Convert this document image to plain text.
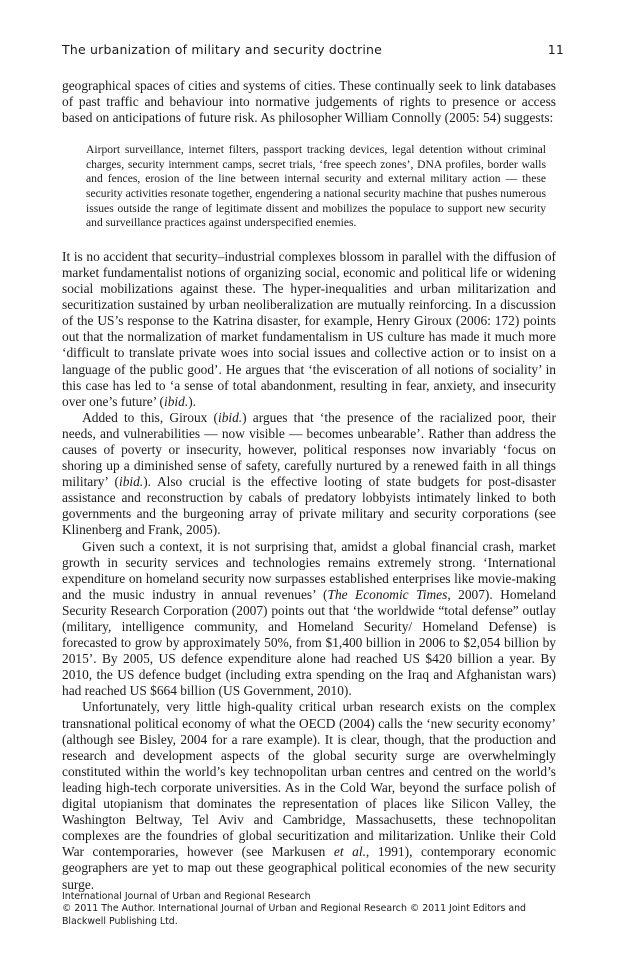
The urbanization of military and security doctrine	11

geographical spaces of cities and systems of cities. These continually seek to link databases of past traffic and behaviour into normative judgements of rights to presence or access based on anticipations of future risk. As philosopher William Connolly (2005: 54) suggests:

Airport surveillance, internet filters, passport tracking devices, legal detention without criminal charges, security internment camps, secret trials, ‘free speech zones’, DNA profiles, border walls and fences, erosion of the line between internal security and external military action — these security activities resonate together, engendering a national security machine that pushes numerous issues outside the range of legitimate dissent and mobilizes the populace to support new security and surveillance practices against underspecified enemies.

It is no accident that security–industrial complexes blossom in parallel with the diffusion of market fundamentalist notions of organizing social, economic and political life or widening social mobilizations against these. The hyper-inequalities and urban militarization and securitization sustained by urban neoliberalization are mutually reinforcing. In a discussion of the US’s response to the Katrina disaster, for example, Henry Giroux (2006: 172) points out that the normalization of market fundamentalism in US culture has made it much more ‘difficult to translate private woes into social issues and collective action or to insist on a language of the public good’. He argues that ‘the evisceration of all notions of sociality’ in this case has led to ‘a sense of total abandonment, resulting in fear, anxiety, and insecurity over one’s future’ (ibid.).

Added to this, Giroux (ibid.) argues that ‘the presence of the racialized poor, their needs, and vulnerabilities — now visible — becomes unbearable’. Rather than address the causes of poverty or insecurity, however, political responses now invariably ‘focus on shoring up a diminished sense of safety, carefully nurtured by a renewed faith in all things military’ (ibid.). Also crucial is the effective looting of state budgets for post-disaster assistance and reconstruction by cabals of predatory lobbyists intimately linked to both governments and the burgeoning array of private military and security corporations (see Klinenberg and Frank, 2005).

Given such a context, it is not surprising that, amidst a global financial crash, market growth in security services and technologies remains extremely strong. ‘International expenditure on homeland security now surpasses established enterprises like movie-making and the music industry in annual revenues’ (The Economic Times, 2007). Homeland Security Research Corporation (2007) points out that ‘the worldwide “total defense” outlay (military, intelligence community, and Homeland Security/ Homeland Defense) is forecasted to grow by approximately 50%, from $1,400 billion in 2006 to $2,054 billion by 2015’. By 2005, US defence expenditure alone had reached US $420 billion a year. By 2010, the US defence budget (including extra spending on the Iraq and Afghanistan wars) had reached US $664 billion (US Government, 2010).

Unfortunately, very little high-quality critical urban research exists on the complex transnational political economy of what the OECD (2004) calls the ‘new security economy’ (although see Bisley, 2004 for a rare example). It is clear, though, that the production and research and development aspects of the global security surge are overwhelmingly constituted within the world’s key technopolitan urban centres and centred on the world’s leading high-tech corporate universities. As in the Cold War, beyond the surface polish of digital utopianism that dominates the representation of places like Silicon Valley, the Washington Beltway, Tel Aviv and Cambridge, Massachusetts, these technopolitan complexes are the foundries of global securitization and militarization. Unlike their Cold War contemporaries, however (see Markusen et al., 1991), contemporary economic geographers are yet to map out these geographical political economies of the new security surge.

International Journal of Urban and Regional Research
© 2011 The Author. International Journal of Urban and Regional Research © 2011 Joint Editors and Blackwell Publishing Ltd.
